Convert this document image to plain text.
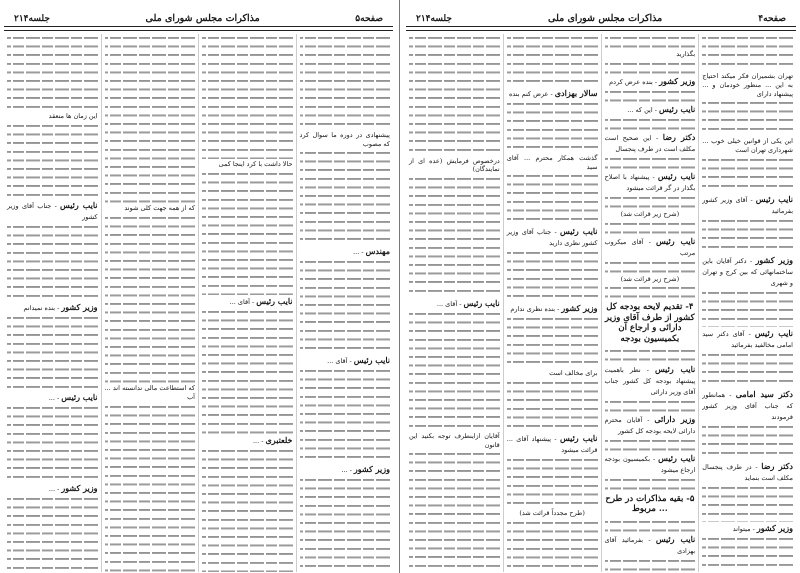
صفحه۴
مذاکرات مجلس شورای ملی
جلسه۲۱۴
تهران بشمیران فکر میکند احتیاج به این ... منظور خودمان و ... پیشنهاد دارای
این یکی از قوانین خیلی خوب ... شهرداری تهران است
نایب رئیس - آقای وزیر کشور بفرمائید
وزیر کشور - دکتر آقایان باین ساختمانهائی که بین کرج و تهران و شهری
نایب رئیس - آقای دکتر سید امامی مخالفید بفرمائید
دکتر سید امامی - همانطور که جناب آقای وزیر کشور فرمودند
دکتر رضا - در طرف پنجسال مکلف است بنماید
وزیر کشور - میتواند
بگذارید
وزیر کشور - بنده عرض کردم
نایب رئیس - این که ...
دکتر رضا - این صحیح است مکلف است در طرف پنجسال
نایب رئیس - پیشنهاد با اصلاح بگذار در گر قرائت میشود
(شرح زیر قرائت شد)
نایب رئیس - آقای میکروب مرتب
(شرح زیر قرائت شد)
۴- تقدیم لایحه بودجه کل کشور از طرف آقای وزیر دارائی و ارجاع آن بکمیسیون بودجه
نایب رئیس - نظر باهمیت پیشنهاد بودجه کل کشور جناب آقای وزیر دارائی
وزیر دارائی - آقایان محترم دارائی لایحه بودجه کل کشور
نایب رئیس - بکمیسیون بودجه ارجاع میشود
۵- بقیه مذاکرات در طرح ... مربوط
نایب رئیس - بفرمائید آقای بهزادی
سالار بهزادی - عرض کنم بنده
گذشت همکار محترم ... آقای سید
نایب رئیس - جناب آقای وزیر کشور نظری دارید
وزیر کشور - بنده نظری ندارم
برای مخالف است
نایب رئیس - پیشنهاد آقای ... قرائت میشود
(طرح مجدداً قرائت شد)
درخصوص فرمایش (عده ای از نمایندگان)
نایب رئیس - آقای ...
آقایان ازاینطرف توجه بکنید این قانون
صفحه۵
مذاکرات مجلس شورای ملی
جلسه۲۱۴
پیشنهادی در دوره ما سوال کرد که مصوب
مهندس - ...
نایب رئیس - آقای ...
وزیر کشور - ...
حالا داشت با کرد اینجا کمی
نایب رئیس - آقای ...
خلعتبری - ...
که از همه جهت کلی شوند
که استطاعت مالی ندانسته اند ... آب
این زمان ها منعقد
نایب رئیس - جناب آقای وزیر کشور
وزیر کشور - بنده نمیدانم
نایب رئیس - ...
وزیر کشور - ...
